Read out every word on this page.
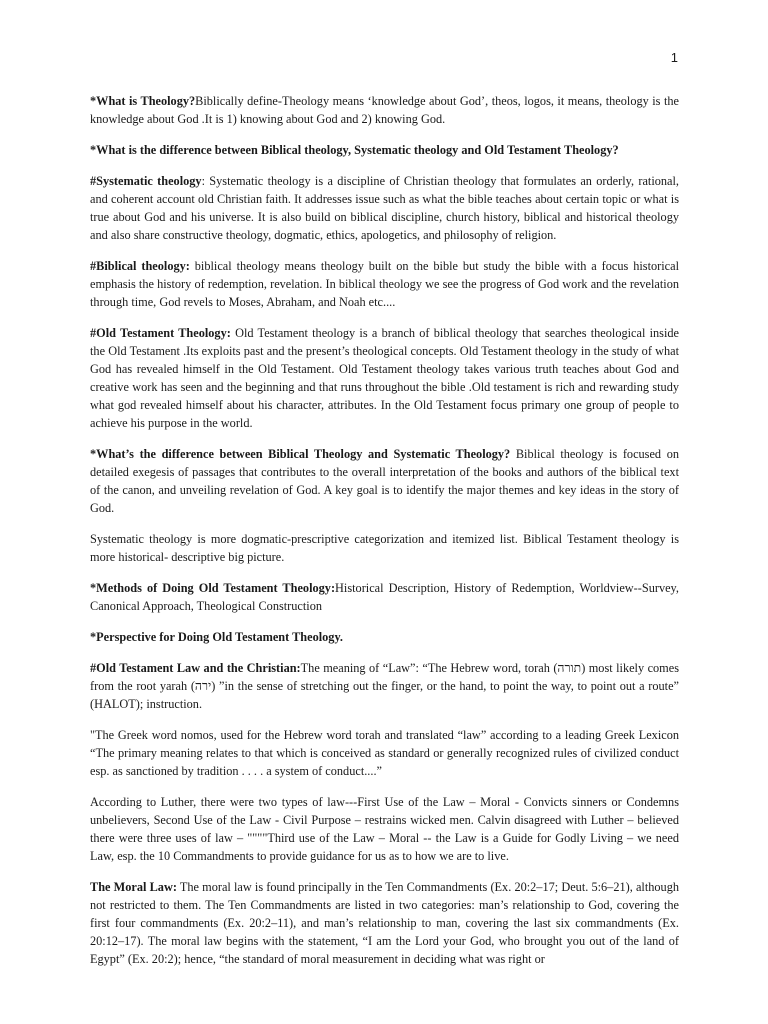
1

*What is Theology?Biblically define-Theology means ‘knowledge about God’, theos, logos, it means, theology is the knowledge about God .It is 1) knowing about God and 2) knowing God.

*What is the difference between Biblical theology, Systematic theology and Old Testament Theology?

#Systematic theology: Systematic theology is a discipline of Christian theology that formulates an orderly, rational, and coherent account old Christian faith. It addresses issue such as what the bible teaches about certain topic or what is true about God and his universe. It is also build on biblical discipline, church history, biblical and historical theology and also share constructive theology, dogmatic, ethics, apologetics, and philosophy of religion.

#Biblical theology: biblical theology means theology built on the bible but study the bible with a focus historical emphasis the history of redemption, revelation. In biblical theology we see the progress of God work and the revelation through time, God revels to Moses, Abraham, and Noah etc....

#Old Testament Theology: Old Testament theology is a branch of biblical theology that searches theological inside the Old Testament .Its exploits past and the present’s theological concepts. Old Testament theology in the study of what God has revealed himself in the Old Testament. Old Testament theology takes various truth teaches about God and creative work has seen and the beginning and that runs throughout the bible .Old testament is rich and rewarding study what god revealed himself about his character, attributes. In the Old Testament focus primary one group of people to achieve his purpose in the world.

*What’s the difference between Biblical Theology and Systematic Theology? Biblical theology is focused on detailed exegesis of passages that contributes to the overall interpretation of the books and authors of the biblical text of the canon, and unveiling revelation of God. A key goal is to identify the major themes and key ideas in the story of God.

Systematic theology is more dogmatic-prescriptive categorization and itemized list. Biblical Testament theology is more historical- descriptive big picture.

*Methods of Doing Old Testament Theology:Historical Description, History of Redemption, Worldview--Survey, Canonical Approach, Theological Construction

*Perspective for Doing Old Testament Theology.

#Old Testament Law and the Christian:The meaning of “Law”: “The Hebrew word, torah (תורה) most likely comes from the root yarah (ירה) ”in the sense of stretching out the finger, or the hand, to point the way, to point out a route” (HALOT); instruction.

"The Greek word nomos, used for the Hebrew word torah and translated “law” according to a leading Greek Lexicon “The primary meaning relates to that which is conceived as standard or generally recognized rules of civilized conduct esp. as sanctioned by tradition . . . . a system of conduct....”

According to Luther, there were two types of law---First Use of the Law – Moral - Convicts sinners or Condemns unbelievers, Second Use of the Law - Civil Purpose – restrains wicked men. Calvin disagreed with Luther – believed there were three uses of law – """"Third use of the Law – Moral -- the Law is a Guide for Godly Living – we need Law, esp. the 10 Commandments to provide guidance for us as to how we are to live.

The Moral Law: The moral law is found principally in the Ten Commandments (Ex. 20:2–17; Deut. 5:6–21), although not restricted to them. The Ten Commandments are listed in two categories: man’s relationship to God, covering the first four commandments (Ex. 20:2–11), and man’s relationship to man, covering the last six commandments (Ex. 20:12–17). The moral law begins with the statement, “I am the Lord your God, who brought you out of the land of Egypt” (Ex. 20:2); hence, “the standard of moral measurement in deciding what was right or
